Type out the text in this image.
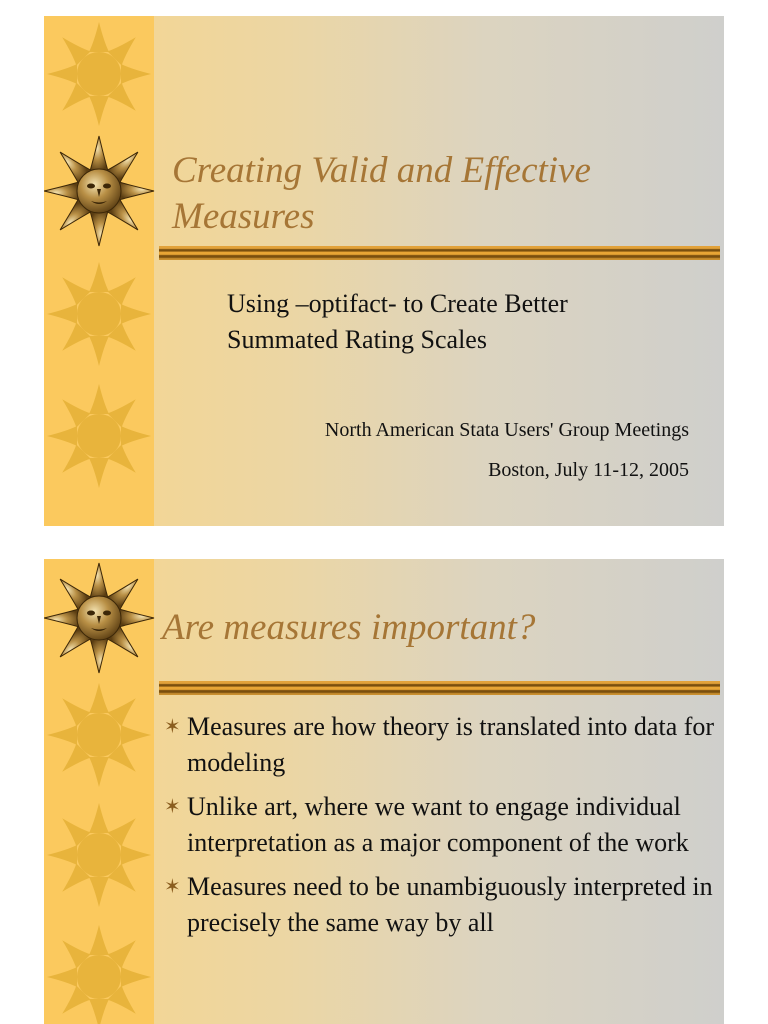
Creating Valid and Effective Measures

Using –optifact- to Create Better Summated Rating Scales

North American Stata Users' Group Meetings

Boston, July 11-12, 2005

Are measures important?
✶ Measures are how theory is translated into data for modeling
✶ Unlike art, where we want to engage individual interpretation as a major component of the work
✶ Measures need to be unambiguously interpreted in precisely the same way by all
